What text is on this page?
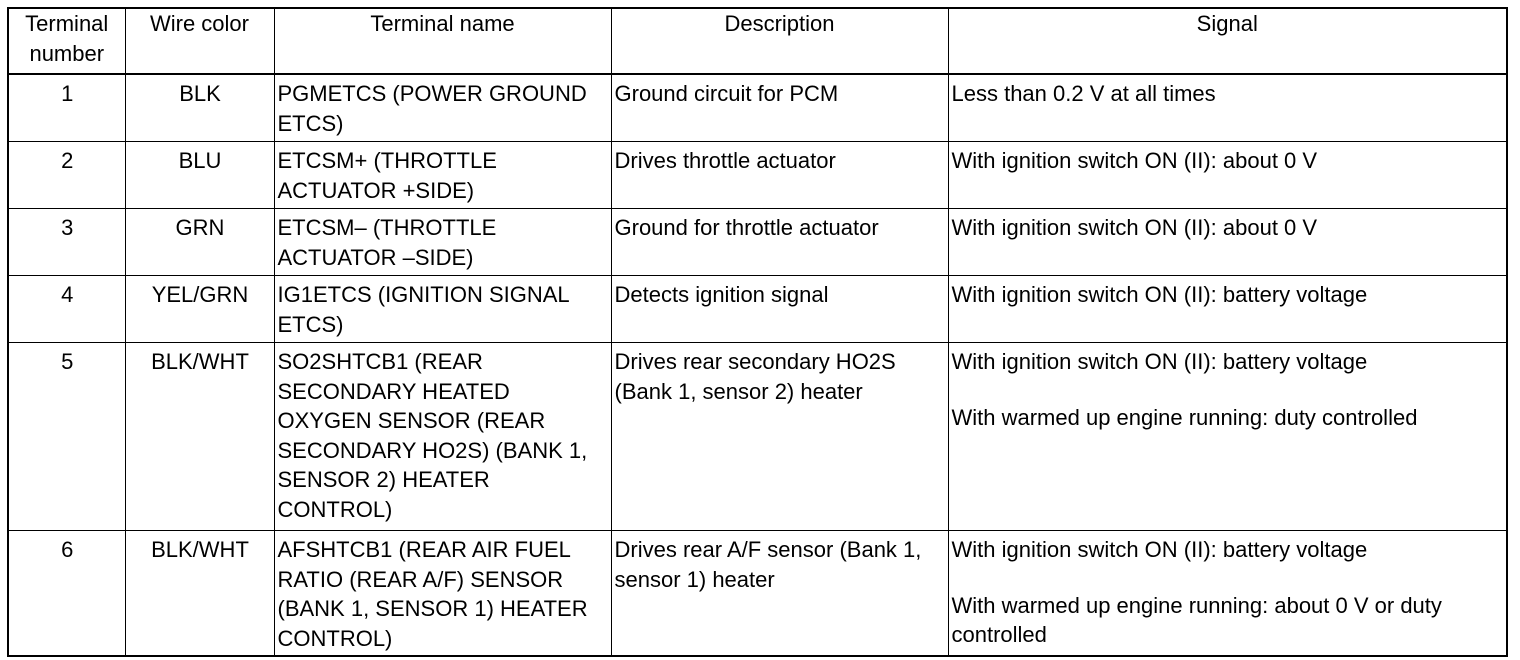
Terminal
number	Wire color	Terminal name	Description	Signal
1	BLK	PGMETCS (POWER GROUND ETCS)	Ground circuit for PCM	Less than 0.2 V at all times

2	BLU	ETCSM+ (THROTTLE ACTUATOR +SIDE)	Drives throttle actuator	With ignition switch ON (II): about 0 V

3	GRN	ETCSM– (THROTTLE ACTUATOR –SIDE)	Ground for throttle actuator	With ignition switch ON (II): about 0 V

4	YEL/GRN	IG1ETCS (IGNITION SIGNAL ETCS)	Detects ignition signal	With ignition switch ON (II): battery voltage

5	BLK/WHT	SO2SHTCB1 (REAR SECONDARY HEATED OXYGEN SENSOR (REAR SECONDARY HO2S) (BANK 1, SENSOR 2) HEATER CONTROL)	Drives rear secondary HO2S (Bank 1, sensor 2) heater	With ignition switch ON (II): battery voltage
With warmed up engine running: duty controlled

6	BLK/WHT	AFSHTCB1 (REAR AIR FUEL RATIO (REAR A/F) SENSOR (BANK 1, SENSOR 1) HEATER CONTROL)	Drives rear A/F sensor (Bank 1, sensor 1) heater	With ignition switch ON (II): battery voltage
With warmed up engine running: about 0 V or duty controlled
